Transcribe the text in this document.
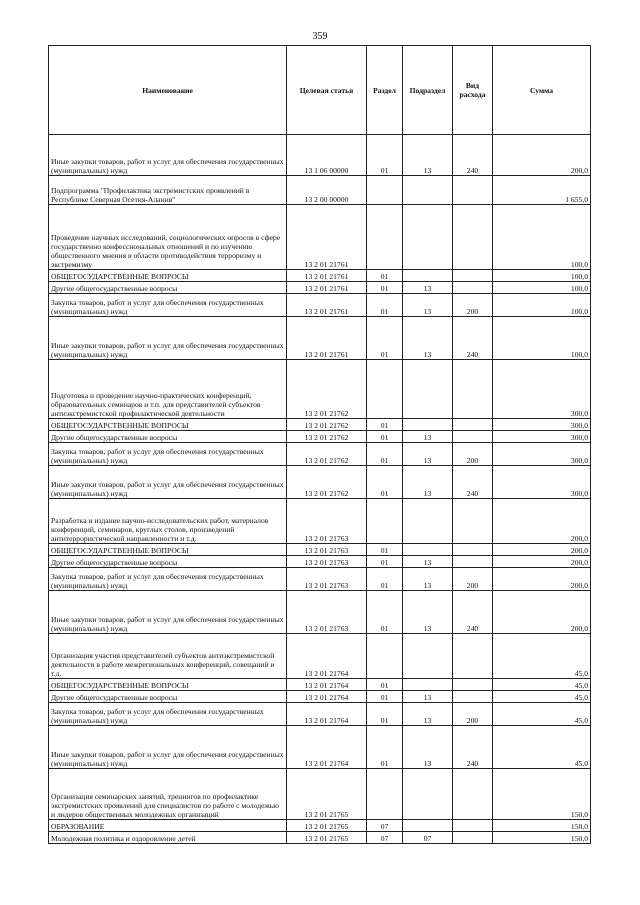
359
Наименование	Целевая статья	Раздел	Подраздел	Вид расхода	Сумма
Иные закупки товаров, работ и услуг для обеспечения государственных (муниципальных) нужд	13 1 06 00000	01	13	240	200,0
Подпрограмма "Профилактика экстремистских проявлений в Республике Северная Осетия-Алания"	13 2 00 00000				1 655,0
Проведение научных исследований, социологических опросов в сфере государственно конфессиональных отношений и по изучению общественного мнения в области противодействия терроризму и экстремизму	13 2 01 21761				100,0
ОБЩЕГОСУДАРСТВЕННЫЕ ВОПРОСЫ	13 2 01 21761	01			100,0
Другие общегосударственные вопросы	13 2 01 21761	01	13		100,0
Закупка товаров, работ и услуг для обеспечения государственных (муниципальных) нужд	13 2 01 21761	01	13	200	100,0
Иные закупки товаров, работ и услуг для обеспечения государственных (муниципальных) нужд	13 2 01 21761	01	13	240	100,0
Подготовка и проведение научно-практических конференций, образовательных семинаров и т.п. для представителей субъектов антиэкстремистской профилактической деятельности	13 2 01 21762				300,0
ОБЩЕГОСУДАРСТВЕННЫЕ ВОПРОСЫ	13 2 01 21762	01			300,0
Другие общегосударственные вопросы	13 2 01 21762	01	13		300,0
Закупка товаров, работ и услуг для обеспечения государственных (муниципальных) нужд	13 2 01 21762	01	13	200	300,0
Иные закупки товаров, работ и услуг для обеспечения государственных (муниципальных) нужд	13 2 01 21762	01	13	240	300,0
Разработка и издание научно-исследовательских работ, материалов конференций, семинаров, круглых столов, произведений антитеррористической направленности и т.д.	13 2 01 21763				200,0
ОБЩЕГОСУДАРСТВЕННЫЕ ВОПРОСЫ	13 2 01 21763	01			200,0
Другие общегосударственные вопросы	13 2 01 21763	01	13		200,0
Закупка товаров, работ и услуг для обеспечения государственных (муниципальных) нужд	13 2 01 21763	01	13	200	200,0
Иные закупки товаров, работ и услуг для обеспечения государственных (муниципальных) нужд	13 2 01 21763	01	13	240	200,0
Организация участия представителей субъектов антиэкстремистской деятельности в работе межрегиональных конференций, совещаний и т.д.	13 2 01 21764				45,0
ОБЩЕГОСУДАРСТВЕННЫЕ ВОПРОСЫ	13 2 01 21764	01			45,0
Другие общегосударственные вопросы	13 2 01 21764	01	13		45,0
Закупка товаров, работ и услуг для обеспечения государственных (муниципальных) нужд	13 2 01 21764	01	13	200	45,0
Иные закупки товаров, работ и услуг для обеспечения государственных (муниципальных) нужд	13 2 01 21764	01	13	240	45,0
Организация семинарских занятий, тренингов по профилактике экстремистских проявлений для специалистов по работе с молодежью и лидеров общественных молодежных организаций	13 2 01 21765				150,0
ОБРАЗОВАНИЕ	13 2 01 21765	07			150,0
Молодежная политика и оздоровление детей	13 2 01 21765	07	07		150,0
